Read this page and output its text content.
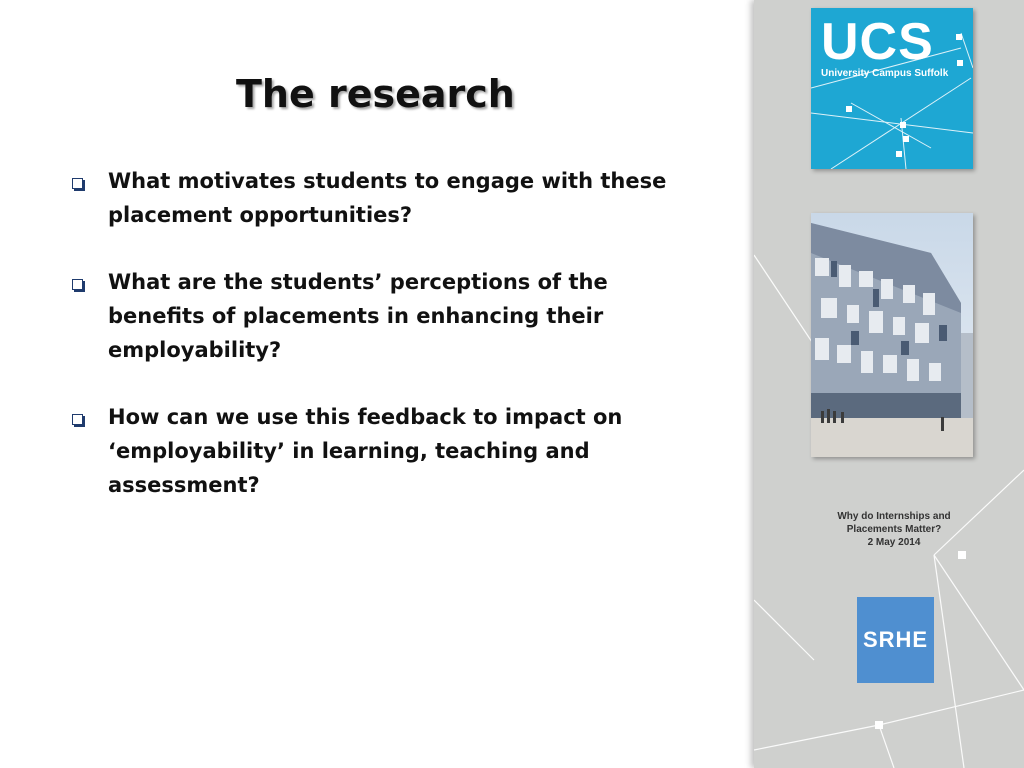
The research
What motivates students to engage with these placement opportunities?
What are the students’ perceptions of the benefits of placements in enhancing their employability?
How can we use this feedback to impact on ‘employability’ in learning, teaching and assessment?
UCS
University Campus Suffolk
Why do Internships and
Placements Matter?
2 May 2014
SRHE
